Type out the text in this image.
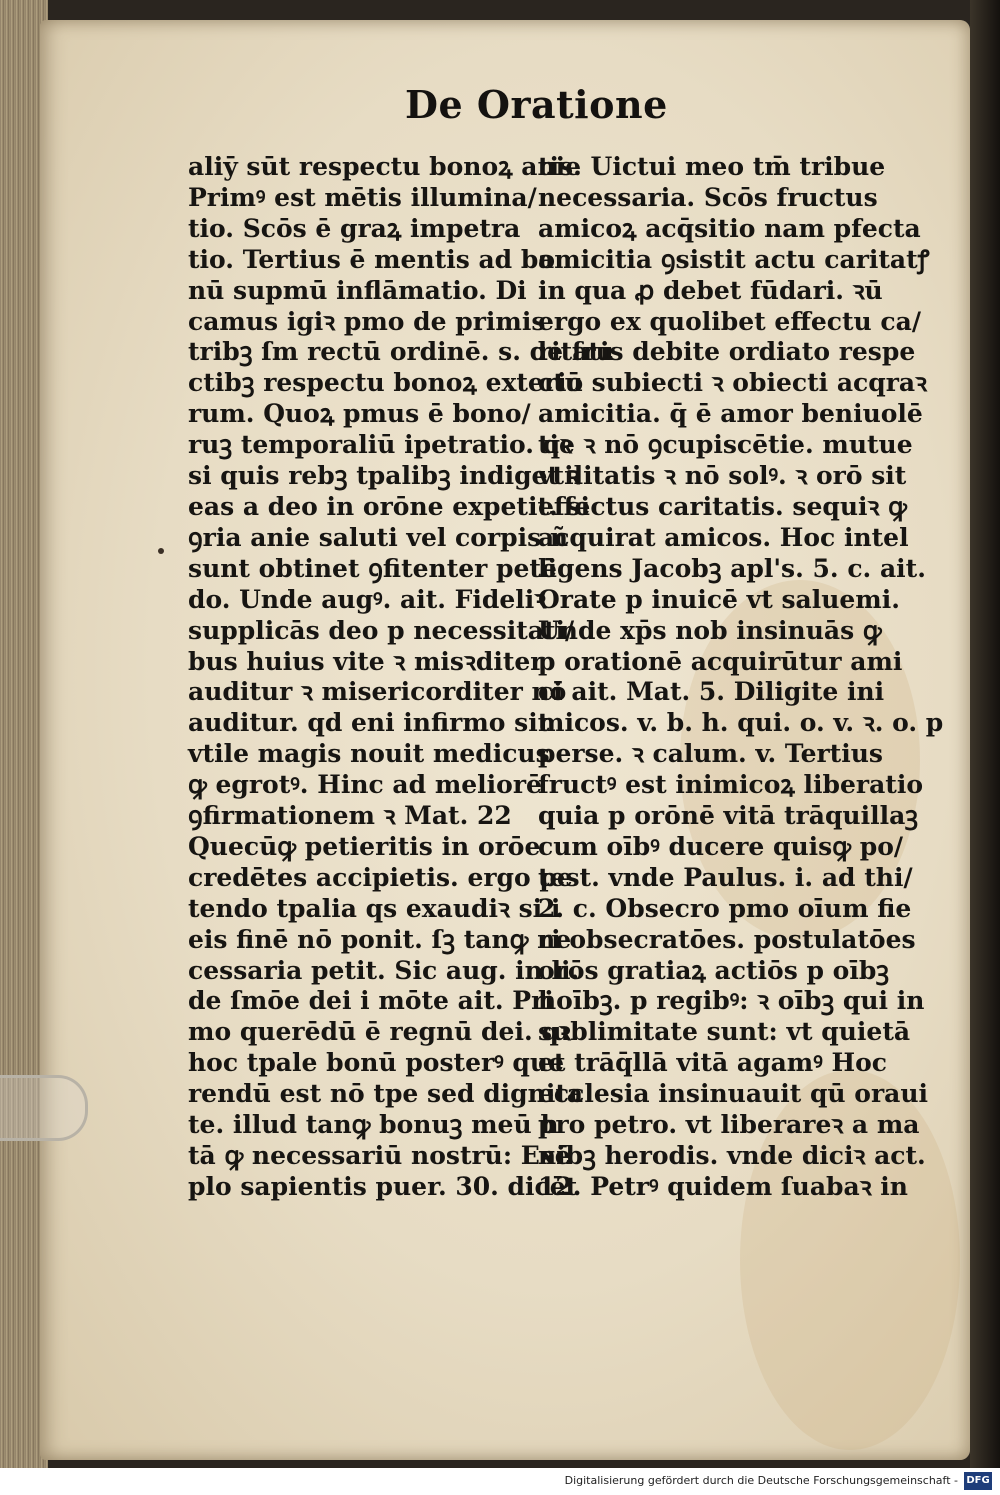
De Oratione
aliȳ sūt respectu bonoꝝ anie
Primꝰ est mētis illumina/
tio. Scōs ē graꝝ impetra
tio. Tertius ē mentis ad bo
nū supmū inflāmatio. Di
camus igiꝛ pmo de primis
tribꝫ ſm rectū ordinē. s. de fru
ctibꝫ respectu bonoꝝ exterio
rum. Quoꝝ pmus ē bono/
ruꝫ temporaliū ipetratio. qꝛ
si quis rebꝫ tpalibꝫ indiget ꝛ
eas a deo in orōne expetit. si
ꝯria anie saluti vel corpis ñ
sunt obtinet ꝯfitenter petē
do. Unde augꝰ. ait. Fideliꝛ
supplicās deo p necessitati/
bus huius vite ꝛ misꝛditer
auditur ꝛ misericorditer nō
auditur. qd eni infirmo sit
vtile magis nouit medicus
ꝙ egrotꝰ. Hinc ad meliorē
ꝯfirmationem ꝛ Mat. 22
Quecūꝙ petieritis in orōe
credētes accipietis. ergo pe
tendo tpalia qs exaudiꝛ si i
eis finē nō ponit. ſꝫ tanꝙ ne
cessaria petit. Sic aug. in li.
de ſmōe dei i mōte ait. Pri
mo querēdū ē regnū dei. qꝛ
hoc tpale bonū posterꝰ que
rendū est nō tpe sed dignita
te. illud tanꝙ bonuꝫ meū h
tā ꝙ necessariū nostrū: Exē
plo sapientis puer. 30. dicēt
tis. Uictui meo tm̄ tribue
necessaria. Scōs fructus
amicoꝝ acq̄sitio nam pfecta
amicitia ꝯsistit actu caritatꝭ
in qua ꝓ debet fūdari. ꝛū
ergo ex quolibet effectu ca/
ritatis debite ordiato respe
ctū subiecti ꝛ obiecti acqraꝛ
amicitia. q̄ ē amor beniuolē
tie ꝛ nō ꝯcupiscētie. mutue
vtilitatis ꝛ nō solꝰ. ꝛ orō sit
effectus caritatis. sequiꝛ ꝙ
acquirat amicos. Hoc intel
ligens Jacobꝫ apl's. 5. c. ait.
Orate p inuicē vt saluemi.
Unde xp̄s nob insinuās ꝙ
p orationē acquirūtur ami
ci ait. Mat. 5. Diligite ini
micos. v. b. h. qui. o. v. ꝛ. o. p
perse. ꝛ calum. v. Tertius
fructꝰ est inimicoꝝ liberatio
quia p orōnē vitā trāquillaꝫ
cum oībꝰ ducere quisꝙ po/
test. vnde Paulus. i. ad thi/
2. c. Obsecro pmo oīum fie
ri obsecratōes. postulatōes
orōs gratiaꝝ actiōs p oībꝫ
hoībꝫ. p regibꝰ: ꝛ oībꝫ qui in
sublimitate sunt: vt quietā
et trāq̄llā vitā agamꝰ Hoc
ecclesia insinuauit qū oraui
pro petro. vt liberareꝛ a ma
nibꝫ herodis. vnde diciꝛ act.
12. Petrꝰ quidem ſuabaꝛ in
Digitalisierung gefördert durch die Deutsche Forschungsgemeinschaft - DFG
